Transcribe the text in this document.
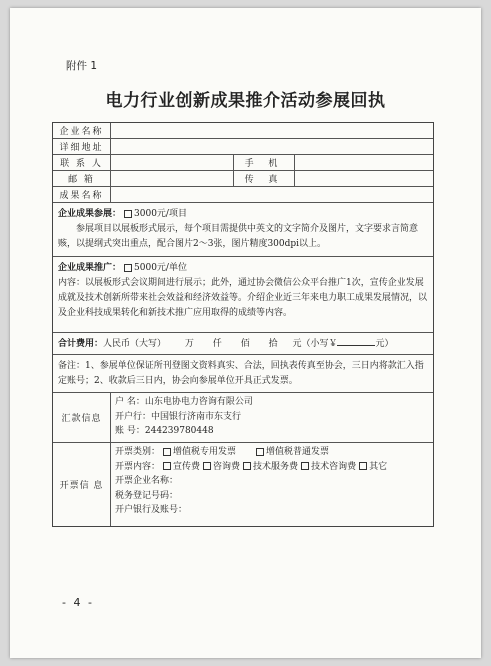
附件 1
电力行业创新成果推介活动参展回执
企业名称
详细地址
联 系 人	手 机
邮 箱	传 真
成果名称
企业成果参展： 3000元/项目
参展项目以展板形式展示，每个项目需提供中英文的文字简介及图片，文字要求言简意赅，以提纲式突出重点，配合图片2～3张，图片精度300dpi以上。
企业成果推广： 5000元/单位
内容：以展板形式会议期间进行展示；此外，通过协会微信公众平台推广1次，宣传企业发展成就及技术创新所带来社会效益和经济效益等。介绍企业近三年来电力职工成果发展情况，以及企业科技成果转化和新技术推广应用取得的成绩等内容。
合计费用：人民币（大写） 万 仟 佰 拾 元（小写￥	元）
备注：1、参展单位保证所刊登图文资料真实、合法，回执表传真至协会，三日内将款汇入指定账号；2、收款后三日内，协会向参展单位开具正式发票。
汇款信息
户 名：山东电协电力咨询有限公司
开户行：中国银行济南市东支行
账 号：244239780448
开票信 息
开票类别： 增值税专用发票	增值税普通发票
开票内容： 宣传费 咨询费 技术服务费 技术咨询费 其它
开票企业名称：
税务登记号码：
开户银行及账号：
- 4 -
